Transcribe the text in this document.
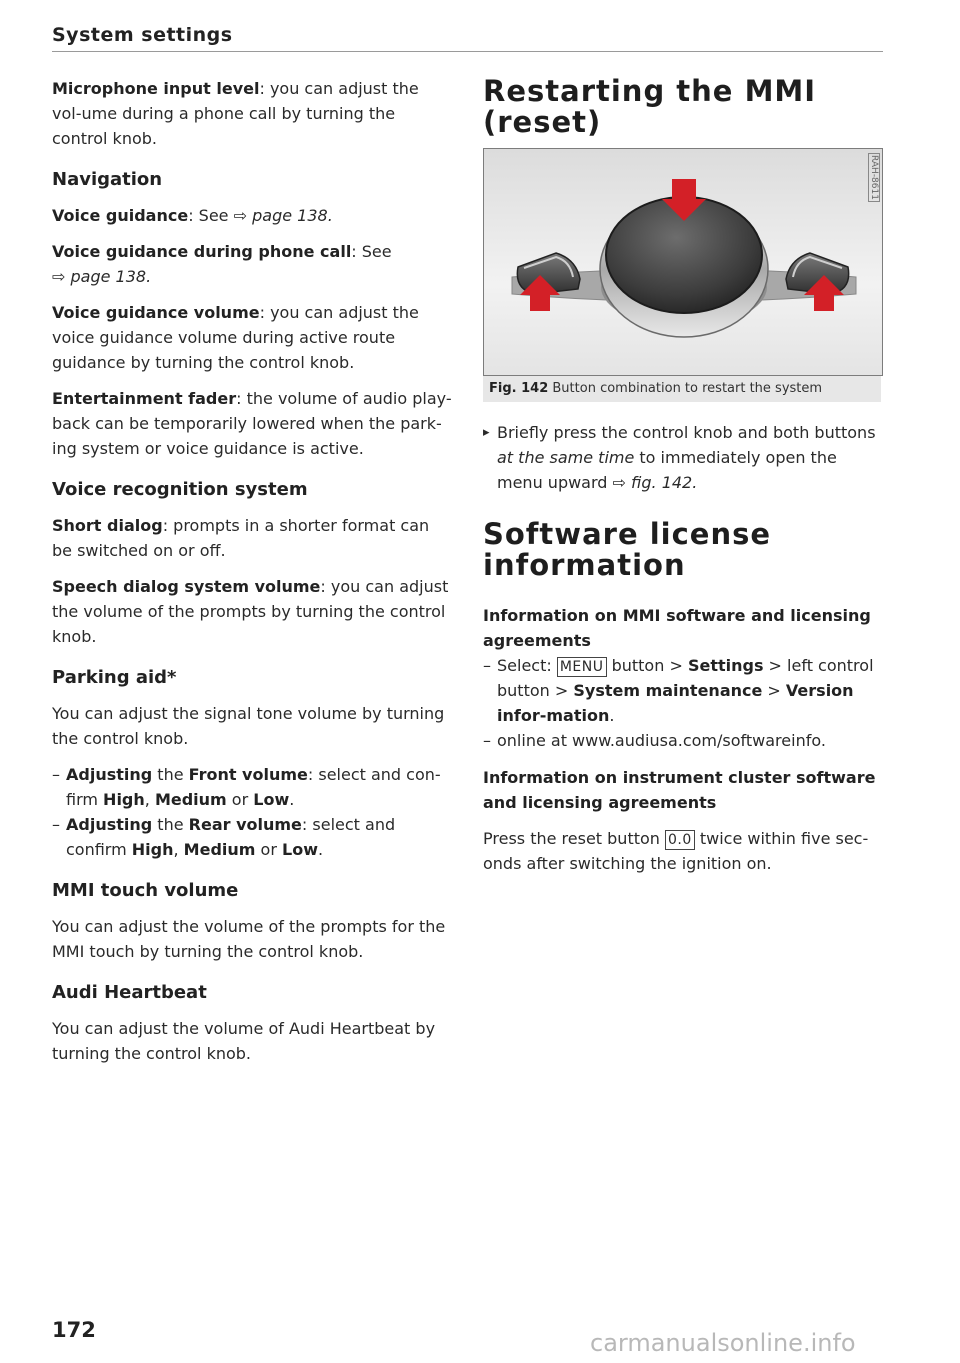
System settings

Microphone input level: you can adjust the vol-ume during a phone call by turning the control knob.

Navigation

Voice guidance: See ⇨ page 138.

Voice guidance during phone call: See
⇨ page 138.

Voice guidance volume: you can adjust the voice guidance volume during active route guidance by turning the control knob.

Entertainment fader: the volume of audio play-back can be temporarily lowered when the park-ing system or voice guidance is active.

Voice recognition system

Short dialog: prompts in a shorter format can be switched on or off.

Speech dialog system volume: you can adjust the volume of the prompts by turning the control knob.

Parking aid*

You can adjust the signal tone volume by turning the control knob.

– Adjusting the Front volume: select and con-firm High, Medium or Low.
– Adjusting the Rear volume: select and confirm High, Medium or Low.
MMI touch volume

You can adjust the volume of the prompts for the MMI touch by turning the control knob.

Audi Heartbeat

You can adjust the volume of Audi Heartbeat by turning the control knob.

Restarting the MMI (reset)
RAH-8611
Fig. 142 Button combination to restart the system
▸ Briefly press the control knob and both buttons at the same time to immediately open the menu upward ⇨ fig. 142.
Software license information
Information on MMI software and licensing agreements
– Select: MENU button > Settings > left control button > System maintenance > Version infor-mation.
– online at www.audiusa.com/softwareinfo.
Information on instrument cluster software and licensing agreements

Press the reset button 0.0 twice within five sec-onds after switching the ignition on.

172	carmanualsonline.info
